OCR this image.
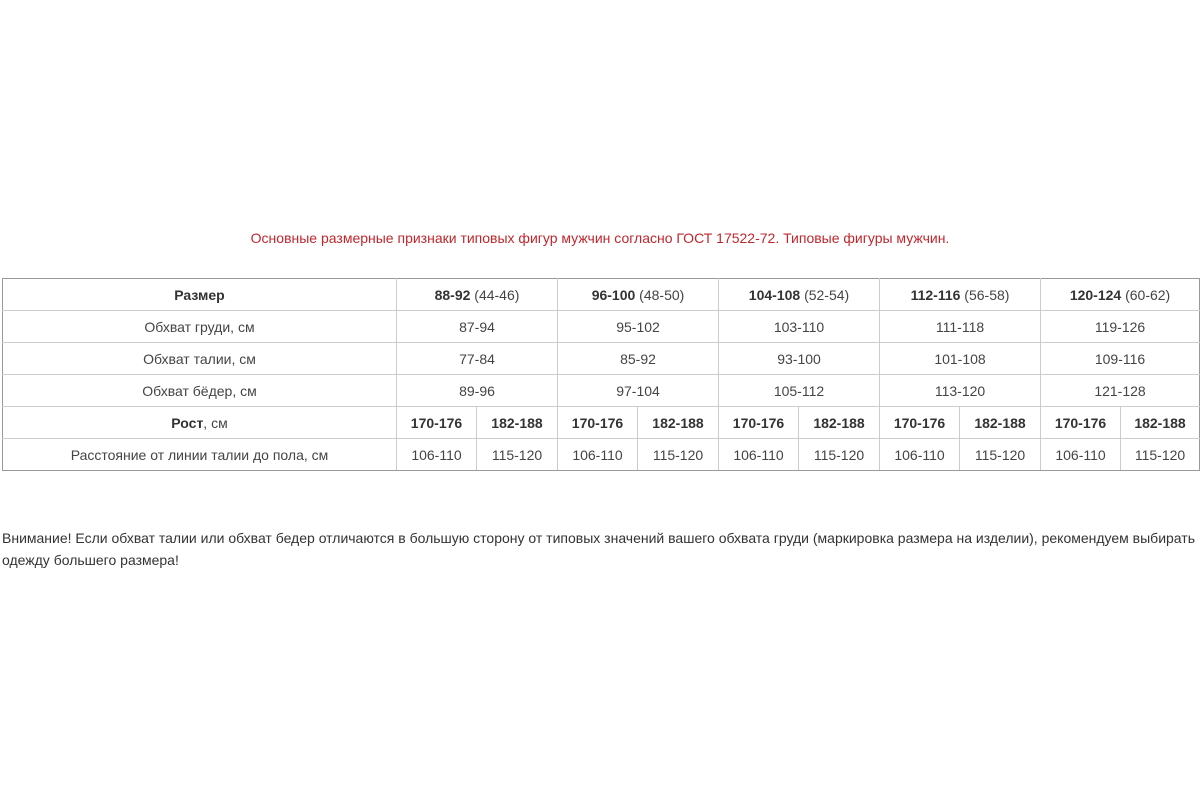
Основные размерные признаки типовых фигур мужчин согласно ГОСТ 17522-72. Типовые фигуры мужчин.

Размер	88-92 (44-46)		96-100 (48-50)		104-108 (52-54)		112-116 (56-58)		120-124 (60-62)	
Обхват груди, см	87-94		95-102		103-110		111-118		119-126	
Обхват талии, см	77-84		85-92		93-100		101-108		109-116	
Обхват бёдер, см	89-96		97-104		105-112		113-120		121-128	
Рост, см	170-176	182-188	170-176	182-188	170-176	182-188	170-176	182-188	170-176	182-188
Расстояние от линии талии до пола, см	106-110	115-120	106-110	115-120	106-110	115-120	106-110	115-120	106-110	115-120

Внимание! Если обхват талии или обхват бедер отличаются в большую сторону от типовых значений вашего обхвата груди (маркировка размера на изделии), рекомендуем выбирать одежду большего размера!
